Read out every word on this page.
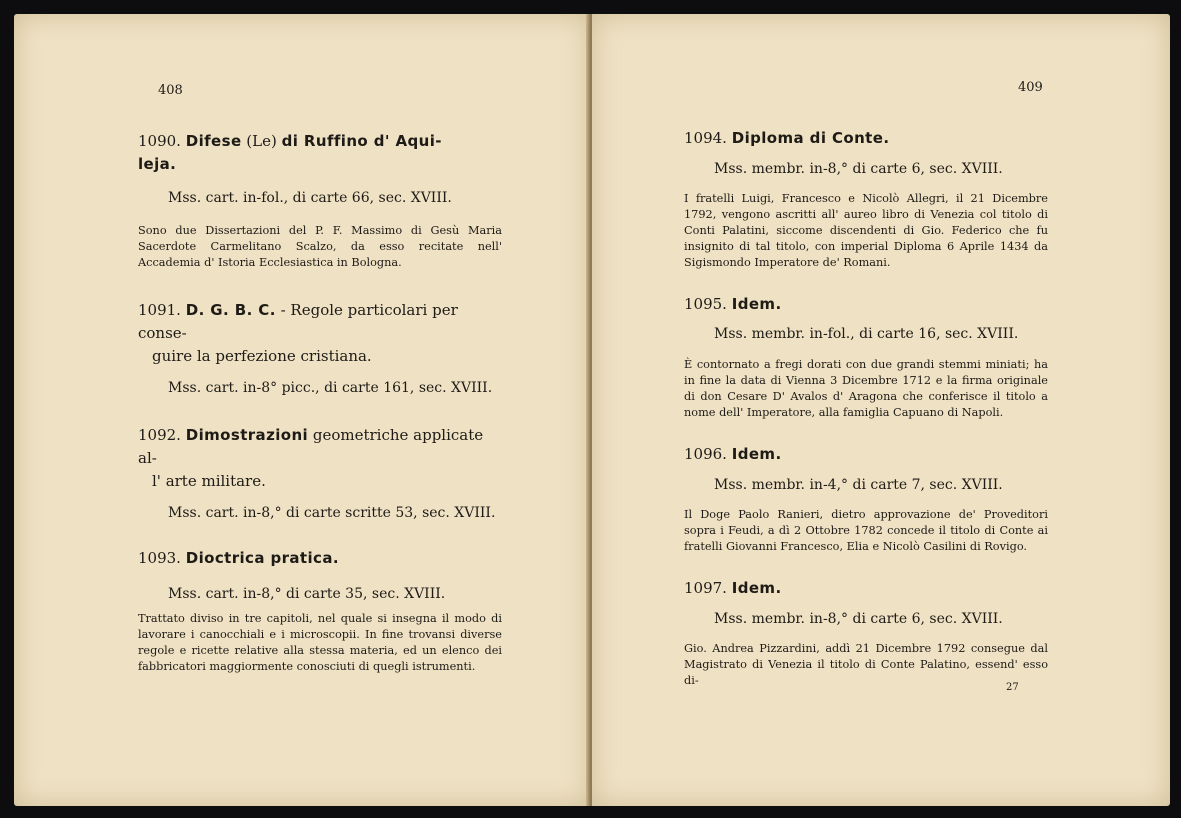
408
1090. Difese (Le) di Ruffino d' Aqui-
leja.
Mss. cart. in-fol., di carte 66, sec. XVIII.
Sono due Dissertazioni del P. F. Massimo di Gesù Maria Sacerdote Carmelitano Scalzo, da esso recitate nell' Accademia d' Istoria Ecclesiastica in Bologna.
1091. D. G. B. C. - Regole particolari per conse-
guire la perfezione cristiana.
Mss. cart. in-8° picc., di carte 161, sec. XVIII.
1092. Dimostrazioni geometriche applicate al-
l' arte militare.
Mss. cart. in-8,° di carte scritte 53, sec. XVIII.
1093. Dioctrica pratica.
Mss. cart. in-8,° di carte 35, sec. XVIII.
Trattato diviso in tre capitoli, nel quale si insegna il modo di lavorare i canocchiali e i microscopii. In fine trovansi diverse regole e ricette relative alla stessa materia, ed un elenco dei fabbricatori maggiormente conosciuti di quegli istrumenti.
409
1094. Diploma di Conte.
Mss. membr. in-8,° di carte 6, sec. XVIII.
I fratelli Luigi, Francesco e Nicolò Allegri, il 21 Dicembre 1792, vengono ascritti all' aureo libro di Venezia col titolo di Conti Palatini, siccome discendenti di Gio. Federico che fu insignito di tal titolo, con imperial Diploma 6 Aprile 1434 da Sigismondo Imperatore de' Romani.
1095. Idem.
Mss. membr. in-fol., di carte 16, sec. XVIII.
È contornato a fregi dorati con due grandi stemmi miniati; ha in fine la data di Vienna 3 Dicembre 1712 e la firma originale di don Cesare D' Avalos d' Aragona che conferisce il titolo a nome dell' Imperatore, alla famiglia Capuano di Napoli.
1096. Idem.
Mss. membr. in-4,° di carte 7, sec. XVIII.
Il Doge Paolo Ranieri, dietro approvazione de' Proveditori sopra i Feudi, a dì 2 Ottobre 1782 concede il titolo di Conte ai fratelli Giovanni Francesco, Elia e Nicolò Casilini di Rovigo.
1097. Idem.
Mss. membr. in-8,° di carte 6, sec. XVIII.
Gio. Andrea Pizzardini, addì 21 Dicembre 1792 consegue dal Magistrato di Venezia il titolo di Conte Palatino, essend' esso di-
27
